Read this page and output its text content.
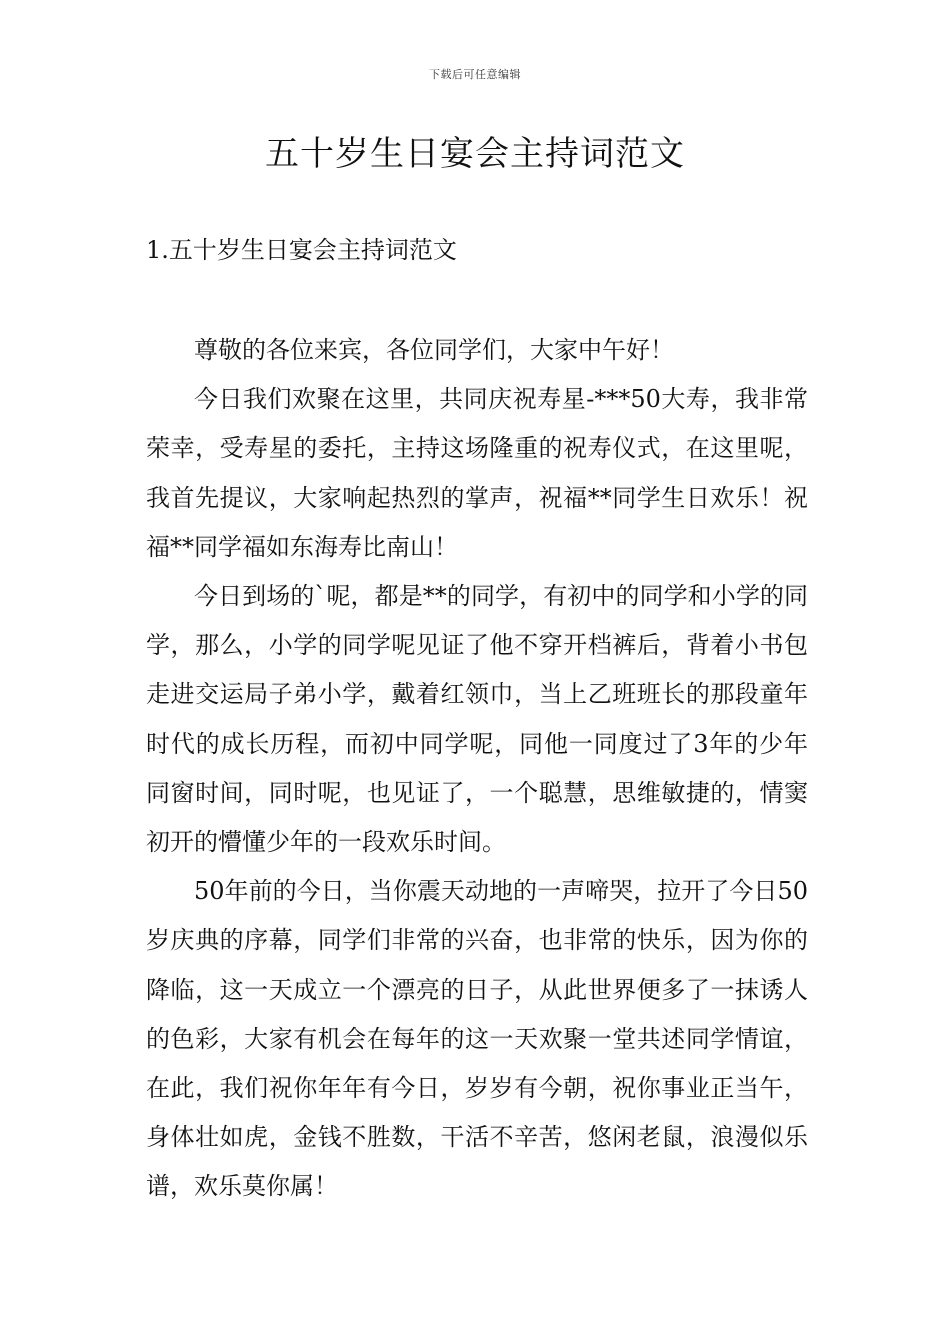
下载后可任意编辑
五十岁生日宴会主持词范文
1.五十岁生日宴会主持词范文

尊敬的各位来宾，各位同学们，大家中午好！

今日我们欢聚在这里，共同庆祝寿星-***50大寿，我非常荣幸，受寿星的委托，主持这场隆重的祝寿仪式，在这里呢，我首先提议，大家响起热烈的掌声，祝福**同学生日欢乐！祝福**同学福如东海寿比南山！

今日到场的`呢，都是**的同学，有初中的同学和小学的同学，那么，小学的同学呢见证了他不穿开档裤后，背着小书包走进交运局子弟小学，戴着红领巾，当上乙班班长的那段童年时代的成长历程，而初中同学呢，同他一同度过了3年的少年同窗时间，同时呢，也见证了，一个聪慧，思维敏捷的，情窦初开的懵懂少年的一段欢乐时间。

50年前的今日，当你震天动地的一声啼哭，拉开了今日50岁庆典的序幕，同学们非常的兴奋，也非常的快乐，因为你的降临，这一天成立一个漂亮的日子，从此世界便多了一抹诱人的色彩，大家有机会在每年的这一天欢聚一堂共述同学情谊，在此，我们祝你年年有今日，岁岁有今朝，祝你事业正当午，身体壮如虎，金钱不胜数，干活不辛苦，悠闲老鼠，浪漫似乐谱，欢乐莫你属！
